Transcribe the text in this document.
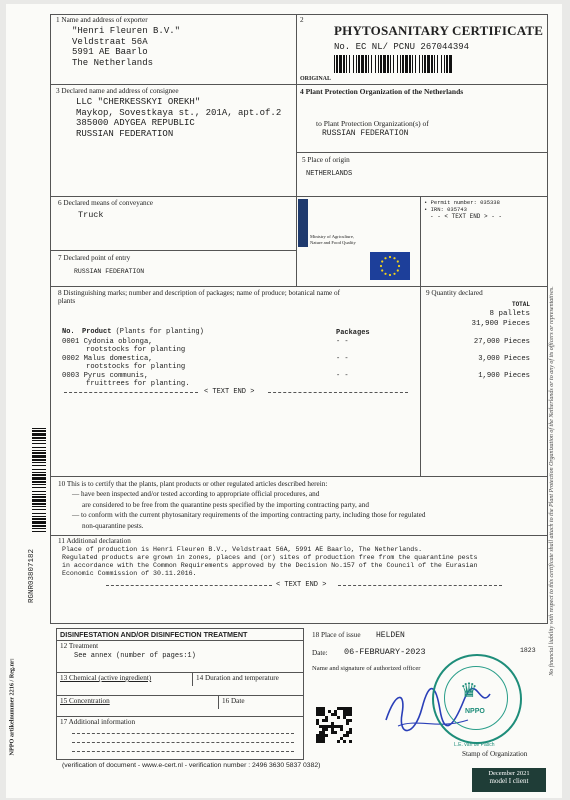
1 Name and address of exporter
"Henri Fleuren B.V."
Veldstraat 56A
5991 AE Baarlo
The Netherlands
2
PHYTOSANITARY CERTIFICATE
No. EC NL/ PCNU 267044394
ORIGINAL
3 Declared name and address of consignee
LLC "CHERKESSKYI OREKH"
Maykop, Sovestkaya st., 201A, apt.of.2
385000 ADYGEA REPUBLIC
RUSSIAN FEDERATION
4 Plant Protection Organization of the Netherlands
to Plant Protection Organization(s) of
RUSSIAN FEDERATION
5 Place of origin
NETHERLANDS
6 Declared means of conveyance
Truck
7 Declared point of entry
RUSSIAN FEDERATION
♜ Ministry of Agriculture,
Nature and Food Quality
• Permit number: 035338
• IRN: 035743
- - < TEXT END > - -
8 Distinguishing marks; number and description of packages; name of produce; botanical name of plants
9 Quantity declared
TOTAL
8 pallets
31,900 Pieces
No. Product (Plants for planting)	Packages
0001 Cydonia oblonga,
rootstocks for planting
- -	27,000 Pieces
0002 Malus domestica,
rootstocks for planting
- -	3,000 Pieces
0003 Pyrus communis,
fruittrees for planting.
- -	1,900 Pieces
< TEXT END >
10 This is to certify that the plants, plant products or other regulated articles described herein:
— have been inspected and/or tested according to appropriate official procedures, and
are considered to be free from the quarantine pests specified by the importing contracting party, and
— to conform with the current phytosanitary requirements of the importing contracting party, including those for regulated
non-quarantine pests.
11 Additional declaration
Place of production is Henri Fleuren B.V., Veldstraat 56A, 5991 AE Baarlo, The Netherlands.
Regulated products are grown in zones, places and (or) sites of production free from the quarantine pests
in accordance with the Common Requirements approved by the Decision No.157 of the Council of the Eurasian
Economic Commission of 30.11.2016.
< TEXT END >
DISINFESTATION AND/OR DISINFECTION TREATMENT
12 Treatment
See annex (number of pages:1)
13 Chemical (active ingredient)	14 Duration and temperature
15 Concentration	16 Date
17 Additional information
18 Place of issue HELDEN
Date: 06-FEBRUARY-2023	1823
Name and signature of authorized officer
♛
NPPO
L.E. van de Pasch
Stamp of Organization
(verification of document - www.e-cert.nl - verification number : 2496 3630 5837 0382)
December 2021
model I client
RGNR03807182
NPPO artikelnummer 2216 / Reg.nr:
No financial liability with respect to this certificate shall attach to the Plant Protection Organization of the Netherlands or to any of its officers or representatives.
